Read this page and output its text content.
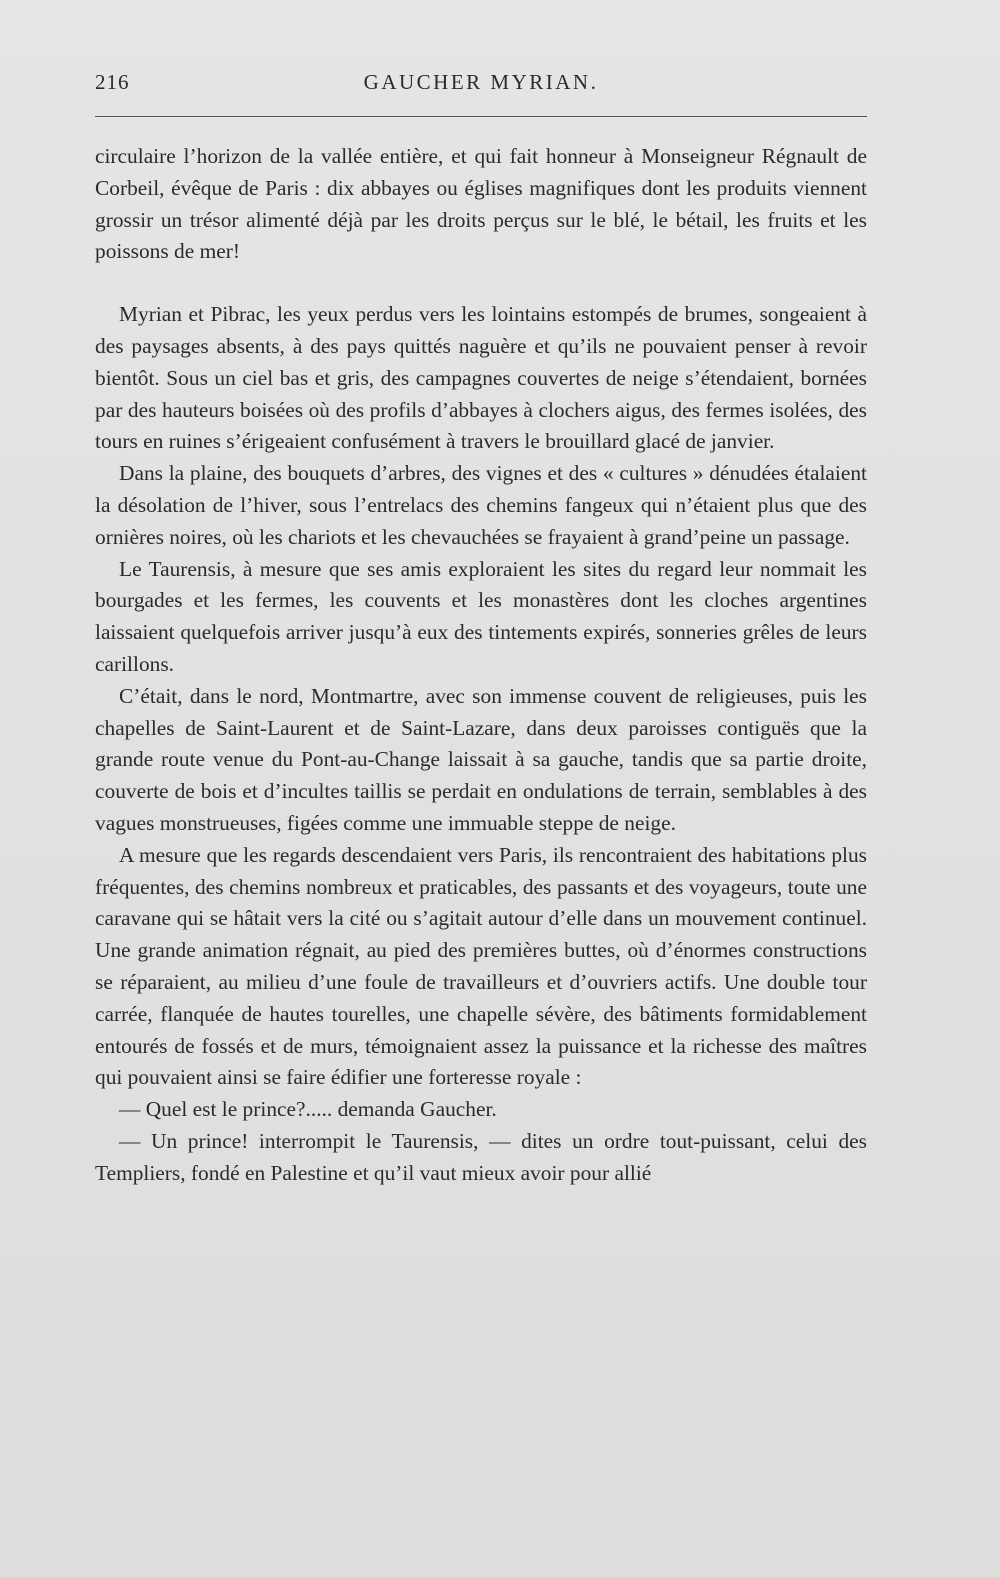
216	GAUCHER MYRIAN.

circulaire l’horizon de la vallée entière, et qui fait honneur à Monseigneur Régnault de Corbeil, évêque de Paris : dix abbayes ou églises magnifiques dont les produits viennent grossir un trésor alimenté déjà par les droits perçus sur le blé, le bétail, les fruits et les poissons de mer!

Myrian et Pibrac, les yeux perdus vers les lointains estompés de brumes, songeaient à des paysages absents, à des pays quittés naguère et qu’ils ne pouvaient penser à revoir bientôt. Sous un ciel bas et gris, des campagnes couvertes de neige s’étendaient, bornées par des hauteurs boisées où des profils d’abbayes à clochers aigus, des fermes isolées, des tours en ruines s’érigeaient confusément à travers le brouillard glacé de janvier.

Dans la plaine, des bouquets d’arbres, des vignes et des « cultures » dénudées étalaient la désolation de l’hiver, sous l’entrelacs des chemins fangeux qui n’étaient plus que des ornières noires, où les chariots et les chevauchées se frayaient à grand’peine un passage.

Le Taurensis, à mesure que ses amis exploraient les sites du regard leur nommait les bourgades et les fermes, les couvents et les monastères dont les cloches argentines laissaient quelquefois arriver jusqu’à eux des tintements expirés, sonneries grêles de leurs carillons.

C’était, dans le nord, Montmartre, avec son immense couvent de religieuses, puis les chapelles de Saint-Laurent et de Saint-Lazare, dans deux paroisses contiguës que la grande route venue du Pont-au-Change laissait à sa gauche, tandis que sa partie droite, couverte de bois et d’incultes taillis se perdait en ondulations de terrain, semblables à des vagues monstrueuses, figées comme une immuable steppe de neige.

A mesure que les regards descendaient vers Paris, ils rencontraient des habitations plus fréquentes, des chemins nombreux et praticables, des passants et des voyageurs, toute une caravane qui se hâtait vers la cité ou s’agitait autour d’elle dans un mouvement continuel. Une grande animation régnait, au pied des premières buttes, où d’énormes constructions se réparaient, au milieu d’une foule de travailleurs et d’ouvriers actifs. Une double tour carrée, flanquée de hautes tourelles, une chapelle sévère, des bâtiments formidablement entourés de fossés et de murs, témoignaient assez la puissance et la richesse des maîtres qui pouvaient ainsi se faire édifier une forteresse royale :

— Quel est le prince?..... demanda Gaucher.

— Un prince! interrompit le Taurensis, — dites un ordre tout-puissant, celui des Templiers, fondé en Palestine et qu’il vaut mieux avoir pour allié
